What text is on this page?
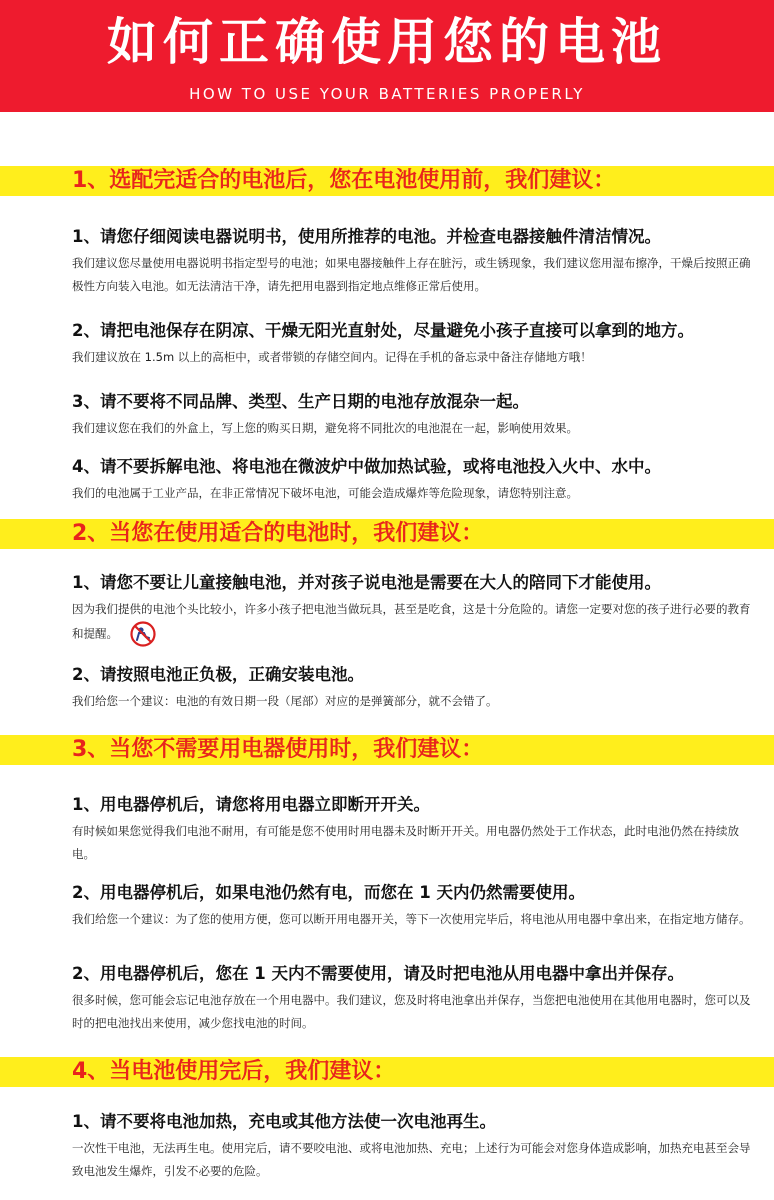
如何正确使用您的电池
HOW TO USE YOUR BATTERIES PROPERLY
1、选配完适合的电池后，您在电池使用前，我们建议：
1、请您仔细阅读电器说明书，使用所推荐的电池。并检查电器接触件清洁情况。
我们建议您尽量使用电器说明书指定型号的电池；如果电器接触件上存在脏污，或生锈现象，我们建议您用湿布擦净，干燥后按照正确极性方向装入电池。如无法清洁干净，请先把用电器到指定地点维修正常后使用。
2、请把电池保存在阴凉、干燥无阳光直射处，尽量避免小孩子直接可以拿到的地方。
我们建议放在 1.5m 以上的高柜中，或者带锁的存储空间内。记得在手机的备忘录中备注存储地方哦！
3、请不要将不同品牌、类型、生产日期的电池存放混杂一起。
我们建议您在我们的外盒上，写上您的购买日期，避免将不同批次的电池混在一起，影响使用效果。
4、请不要拆解电池、将电池在微波炉中做加热试验，或将电池投入火中、水中。
我们的电池属于工业产品，在非正常情况下破坏电池，可能会造成爆炸等危险现象，请您特别注意。
2、当您在使用适合的电池时，我们建议：
1、请您不要让儿童接触电池，并对孩子说电池是需要在大人的陪同下才能使用。
因为我们提供的电池个头比较小，许多小孩子把电池当做玩具，甚至是吃食，这是十分危险的。请您一定要对您的孩子进行必要的教育和提醒。
2、请按照电池正负极，正确安装电池。
我们给您一个建议：电池的有效日期一段（尾部）对应的是弹簧部分，就不会错了。
3、当您不需要用电器使用时，我们建议：
1、用电器停机后，请您将用电器立即断开开关。
有时候如果您觉得我们电池不耐用，有可能是您不使用时用电器未及时断开开关。用电器仍然处于工作状态，此时电池仍然在持续放电。
2、用电器停机后，如果电池仍然有电，而您在 1 天内仍然需要使用。
我们给您一个建议：为了您的使用方便，您可以断开用电器开关，等下一次使用完毕后，将电池从用电器中拿出来，在指定地方储存。
2、用电器停机后，您在 1 天内不需要使用，请及时把电池从用电器中拿出并保存。
很多时候，您可能会忘记电池存放在一个用电器中。我们建议，您及时将电池拿出并保存，当您把电池使用在其他用电器时，您可以及时的把电池找出来使用，减少您找电池的时间。
4、当电池使用完后，我们建议：
1、请不要将电池加热，充电或其他方法使一次电池再生。
一次性干电池，无法再生电。使用完后，请不要咬电池、或将电池加热、充电；上述行为可能会对您身体造成影响，加热充电甚至会导致电池发生爆炸，引发不必要的危险。
